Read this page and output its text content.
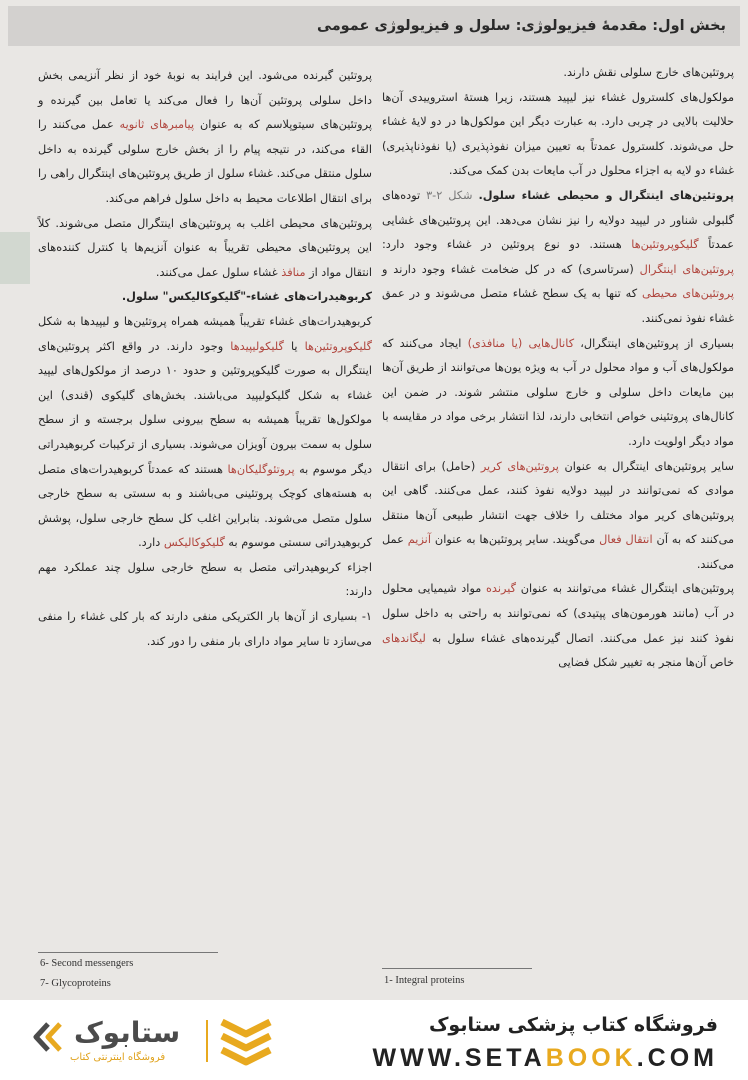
بخش اول: مقدمهٔ فیزیولوژی: سلول و فیزیولوژی عمومی

پروتئین‌های خارج سلولی نقش دارند.

مولکول‌های کلسترول غشاء نیز لیپید هستند، زیرا هستهٔ استروییدی آن‌ها حلالیت بالایی در چربی دارد. به عبارت دیگر این مولکول‌ها در دو لایهٔ غشاء حل می‌شوند. کلسترول عمدتاً به تعیین میزان نفوذپذیری (یا نفوذناپذیری) غشاء دو لایه به اجزاء محلول در آب مایعات بدن کمک می‌کند.

پروتئین‌های اینتگرال و محیطی غشاء سلول. شکل ۲-۳ توده‌های گلبولی شناور در لیپید دولایه را نیز نشان می‌دهد. این پروتئین‌های غشایی عمدتاً گلیکوپروتئین‌ها هستند. دو نوع پروتئین در غشاء وجود دارد: پروتئین‌های اینتگرال (سرتاسری) که در کل ضخامت غشاء وجود دارند و پروتئین‌های محیطی که تنها به یک سطح غشاء متصل می‌شوند و در عمق غشاء نفوذ نمی‌کنند.

بسیاری از پروتئین‌های اینتگرال، کانال‌هایی (یا منافذی) ایجاد می‌کنند که مولکول‌های آب و مواد محلول در آب به ویژه یون‌ها می‌توانند از طریق آن‌ها بین مایعات داخل سلولی و خارج سلولی منتشر شوند. در ضمن این کانال‌های پروتئینی خواص انتخابی دارند، لذا انتشار برخی مواد در مقایسه با مواد دیگر اولویت دارد.

سایر پروتئین‌های اینتگرال به عنوان پروتئین‌های کریر (حامل) برای انتقال موادی که نمی‌توانند در لیپید دولایه نفوذ کنند، عمل می‌کنند. گاهی این پروتئین‌های کریر مواد مختلف را خلاف جهت انتشار طبیعی آن‌ها منتقل می‌کنند که به آن انتقال فعال می‌گویند. سایر پروتئین‌ها به عنوان آنزیم عمل می‌کنند.

پروتئین‌های اینتگرال غشاء می‌توانند به عنوان گیرنده مواد شیمیایی محلول در آب (مانند هورمون‌های پپتیدی) که نمی‌توانند به راحتی به داخل سلول نفوذ کنند نیز عمل می‌کنند. اتصال گیرنده‌های غشاء سلول به لیگاندهای خاص آن‌ها منجر به تغییر شکل فضایی

پروتئین گیرنده می‌شود. این فرایند به نوبهٔ خود از نظر آنزیمی بخش داخل سلولی پروتئین آن‌ها را فعال می‌کند یا تعامل بین گیرنده و پروتئین‌های سیتوپلاسم که به عنوان پیامبرهای ثانویه عمل می‌کنند را القاء می‌کند، در نتیجه پیام را از بخش خارج سلولی گیرنده به داخل سلول منتقل می‌کند. غشاء سلول از طریق پروتئین‌های اینتگرال راهی را برای انتقال اطلاعات محیط به داخل سلول فراهم می‌کند.

پروتئین‌های محیطی اغلب به پروتئین‌های اینتگرال متصل می‌شوند. کلاً این پروتئین‌های محیطی تقریباً به عنوان آنزیم‌ها یا کنترل کننده‌های انتقال مواد از منافذ غشاء سلول عمل می‌کنند.

کربوهیدرات‌های غشاء-"گلیکوکالیکس" سلول.

کربوهیدرات‌های غشاء تقریباً همیشه همراه پروتئین‌ها و لیپیدها به شکل گلیکوپروتئین‌ها یا گلیکولیپیدها وجود دارند. در واقع اکثر پروتئین‌های اینتگرال به صورت گلیکوپروتئین و حدود ۱۰ درصد از مولکول‌های لیپید غشاء به شکل گلیکولیپید می‌باشند. بخش‌های گلیکوی (قندی) این مولکول‌ها تقریباً همیشه به سطح بیرونی سلول برجسته و از سطح سلول به سمت بیرون آویزان می‌شوند. بسیاری از ترکیبات کربوهیدراتی دیگر موسوم به پروتئوگلیکان‌ها هستند که عمدتاً کربوهیدرات‌های متصل به هسته‌های کوچک پروتئینی می‌باشند و به سستی به سطح خارجی سلول متصل می‌شوند. بنابراین اغلب کل سطح خارجی سلول، پوشش کربوهیدراتی سستی موسوم به گلیکوکالیکس دارد.

اجزاء کربوهیدراتی متصل به سطح خارجی سلول چند عملکرد مهم دارند:

۱- بسیاری از آن‌ها بار الکتریکی منفی دارند که بار کلی غشاء را منفی می‌سازد تا سایر مواد دارای بار منفی را دور کند.

1- Integral proteins
6- Second messengers
7- Glycoproteins
ستابوک
فروشگاه اینترنتی کتاب
فروشگاه کتاب پزشکی ستابوک
WWW.SETABOOK.COM
